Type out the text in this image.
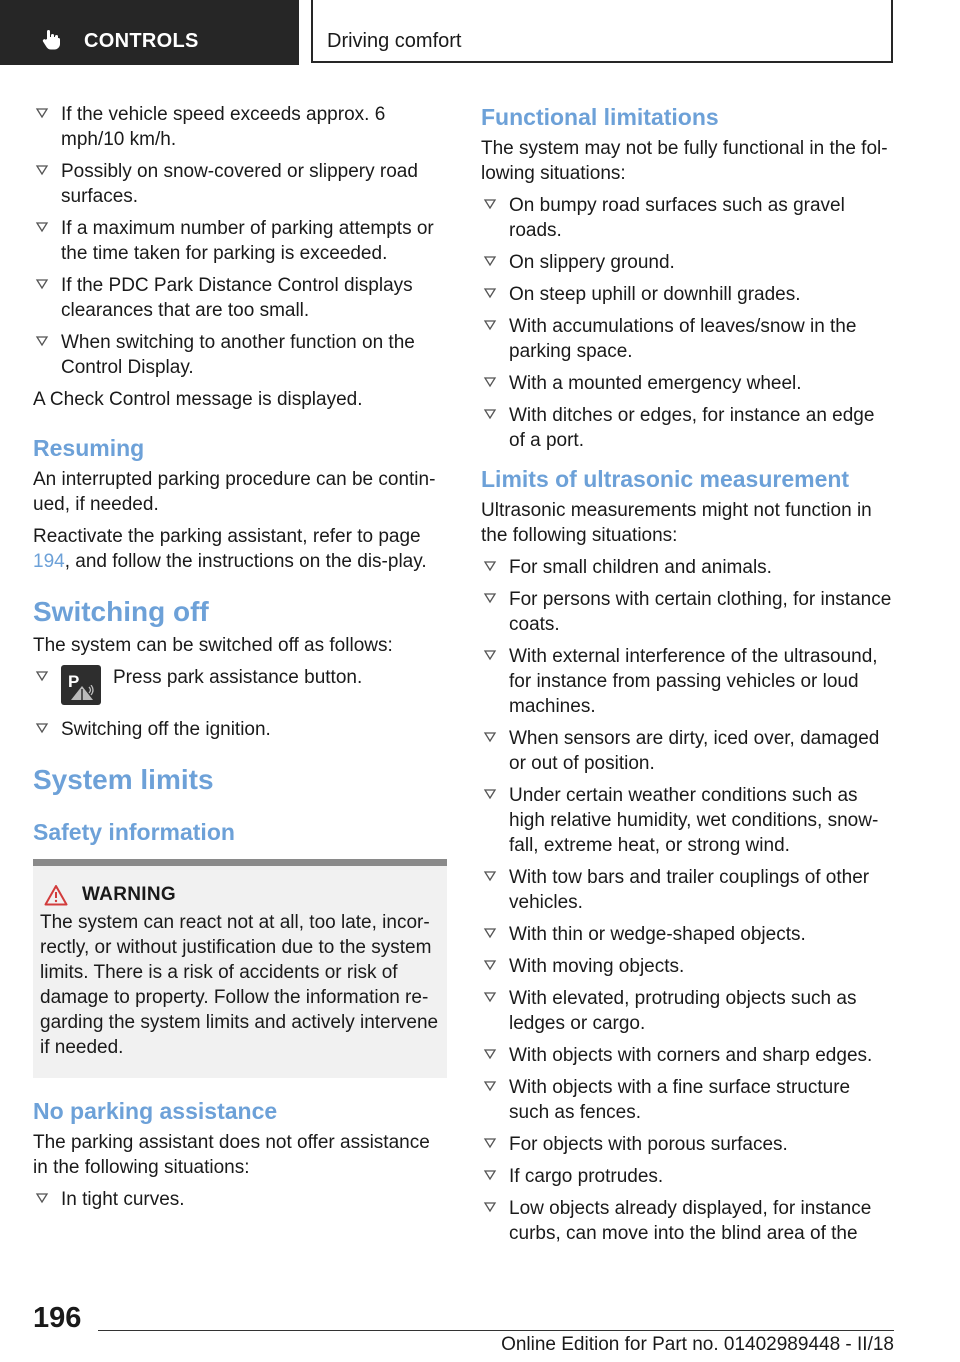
CONTROLS	Driving comfort
If the vehicle speed exceeds approx. 6 mph/10 km/h.
Possibly on snow-covered or slippery road surfaces.
If a maximum number of parking attempts or the time taken for parking is exceeded.
If the PDC Park Distance Control displays clearances that are too small.
When switching to another function on the Control Display.

A Check Control message is displayed.

Resuming

An interrupted parking procedure can be contin‐ued, if needed.

Reactivate the parking assistant, refer to page 194, and follow the instructions on the dis‐play.

Switching off

The system can be switched off as follows:

P Press park assistance button.
Switching off the ignition.
System limits
Safety information
WARNING

The system can react not at all, too late, incor‐rectly, or without justification due to the system limits. There is a risk of accidents or risk of damage to property. Follow the information re‐garding the system limits and actively intervene if needed.

No parking assistance

The parking assistant does not offer assistance in the following situations:

In tight curves.
Functional limitations

The system may not be fully functional in the fol‐lowing situations:

On bumpy road surfaces such as gravel roads.
On slippery ground.
On steep uphill or downhill grades.
With accumulations of leaves/snow in the parking space.
With a mounted emergency wheel.
With ditches or edges, for instance an edge of a port.
Limits of ultrasonic measurement

Ultrasonic measurements might not function in the following situations:

For small children and animals.
For persons with certain clothing, for instance coats.
With external interference of the ultrasound, for instance from passing vehicles or loud machines.
When sensors are dirty, iced over, damaged or out of position.
Under certain weather conditions such as high relative humidity, wet conditions, snow‐fall, extreme heat, or strong wind.
With tow bars and trailer couplings of other vehicles.
With thin or wedge-shaped objects.
With moving objects.
With elevated, protruding objects such as ledges or cargo.
With objects with corners and sharp edges.
With objects with a fine surface structure such as fences.
For objects with porous surfaces.
If cargo protrudes.
Low objects already displayed, for instance curbs, can move into the blind area of the
196
Online Edition for Part no. 01402989448 - II/18
